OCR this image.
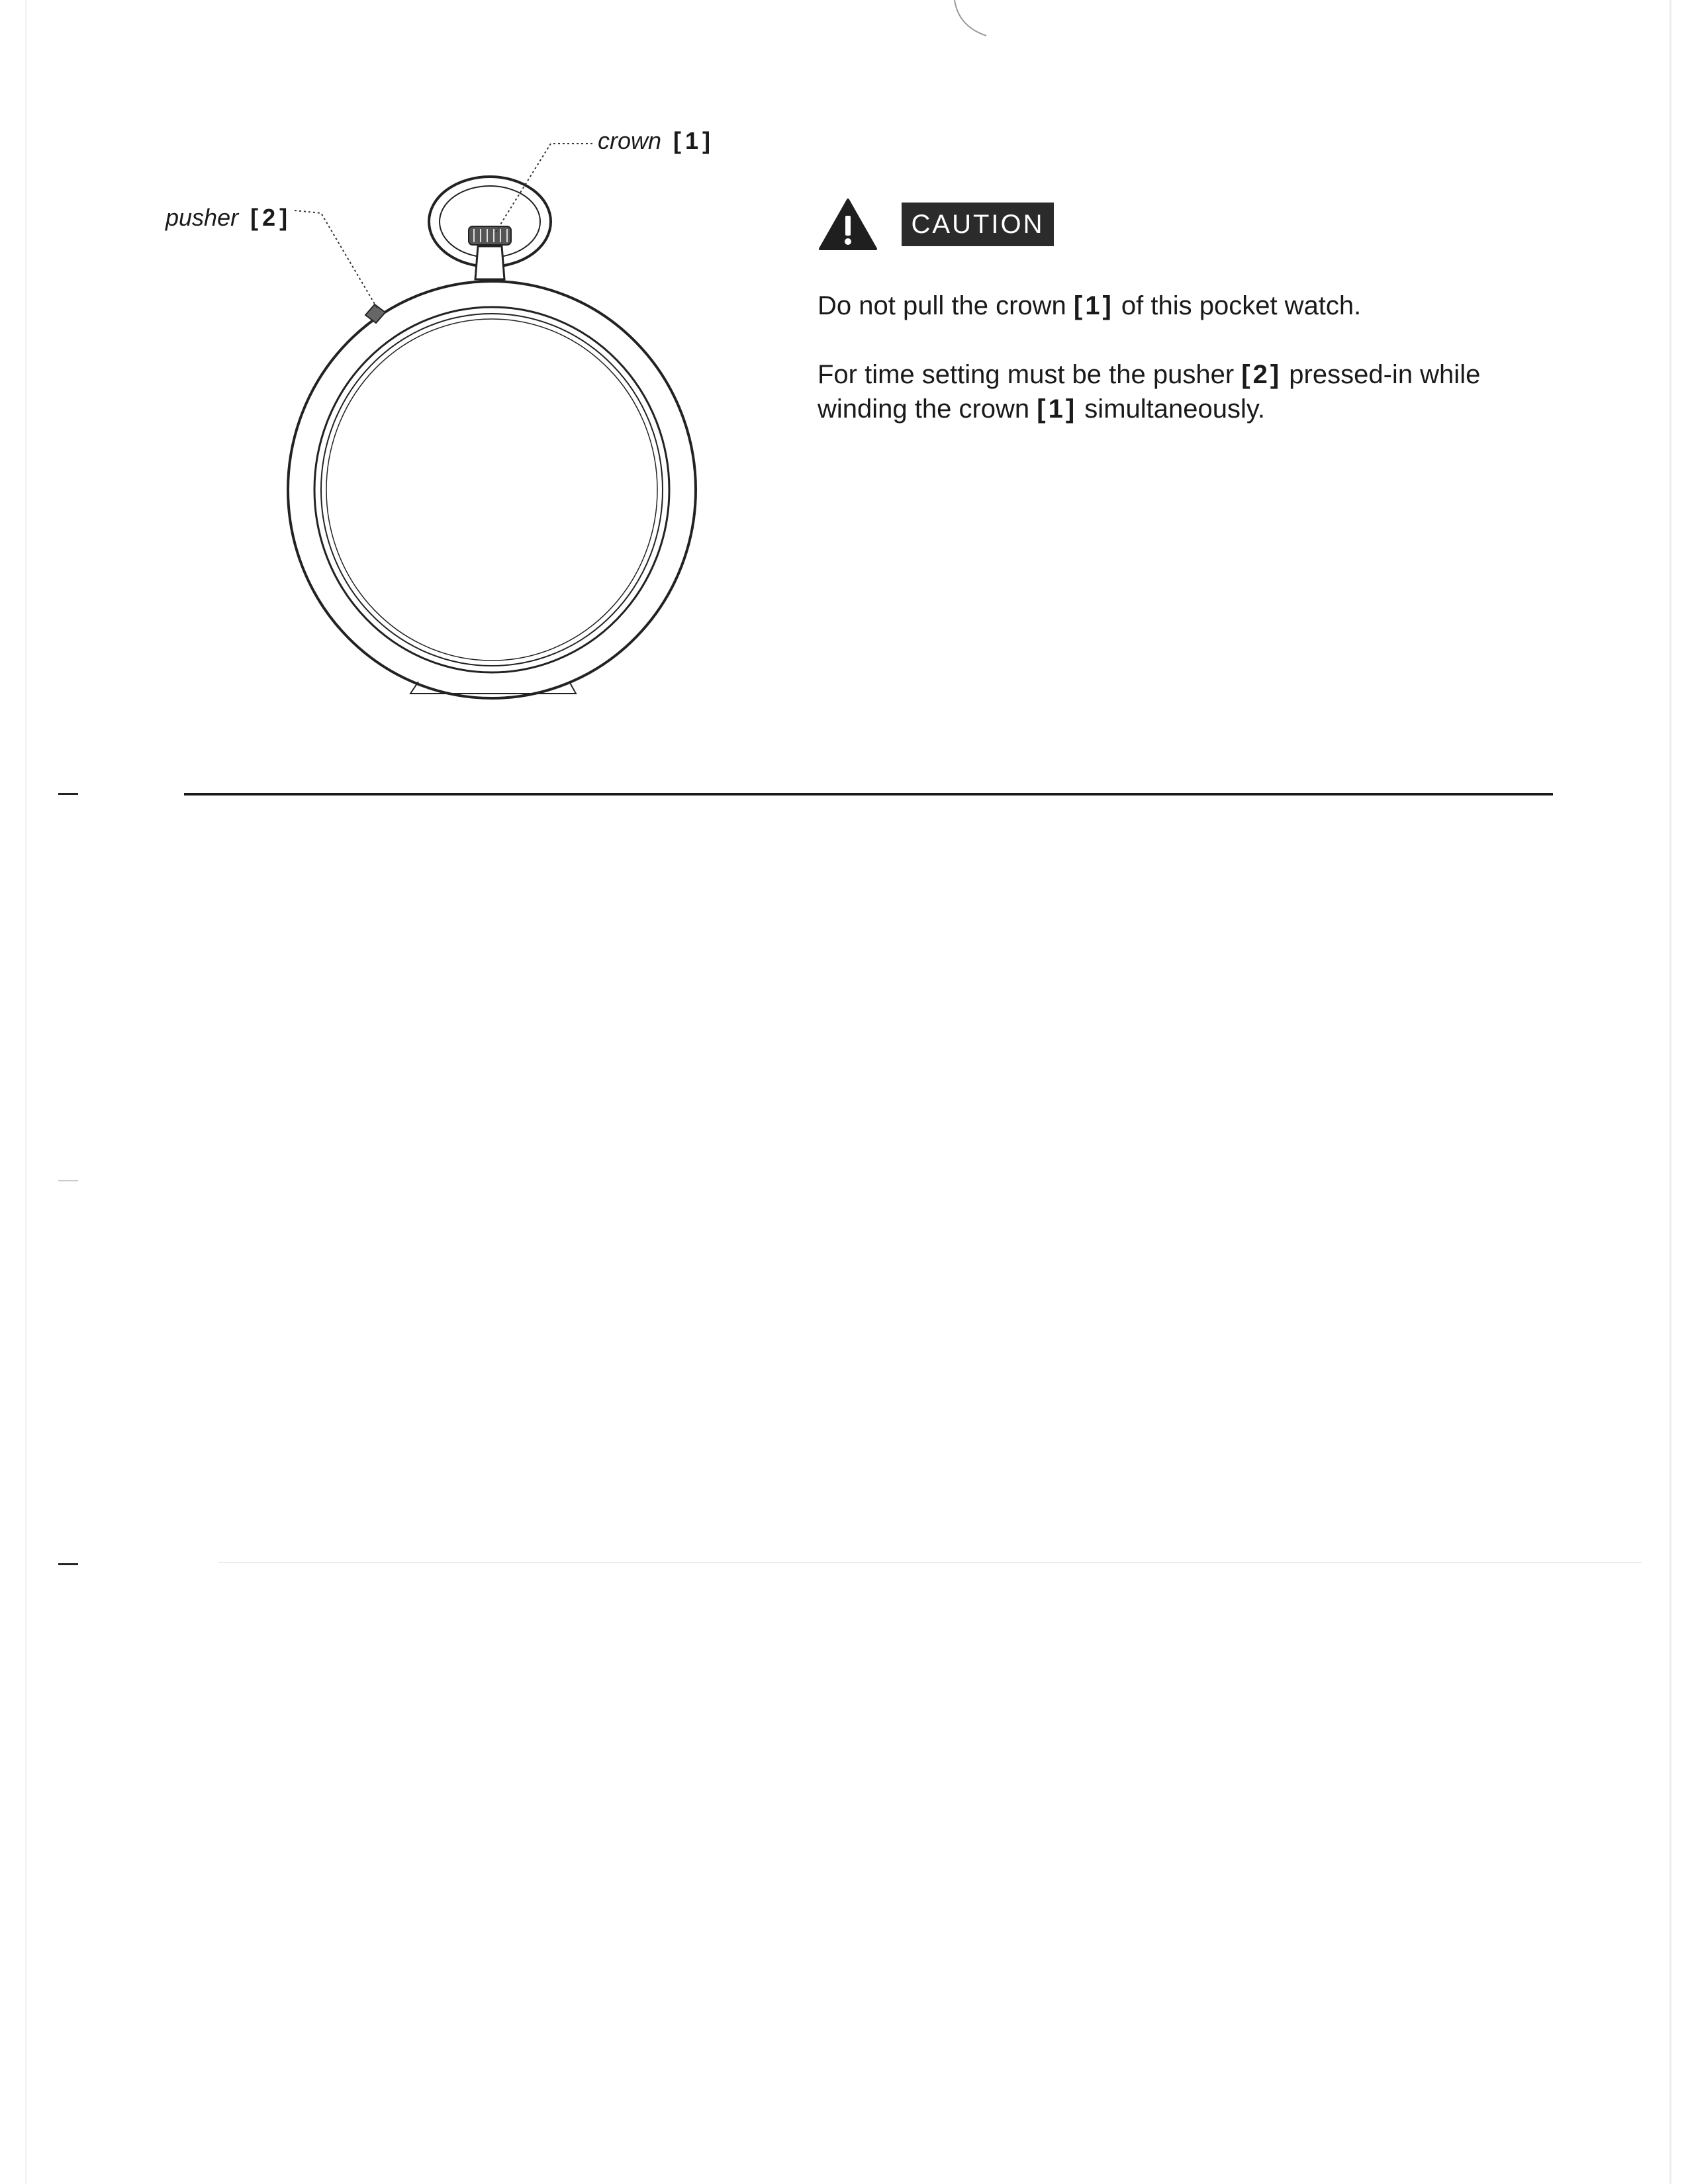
crown [1]
pusher [2]	CAUTION
Do not pull the crown [1] of this pocket watch.
For time setting must be the pusher [2] pressed-in while winding the crown [1] simultaneously.
